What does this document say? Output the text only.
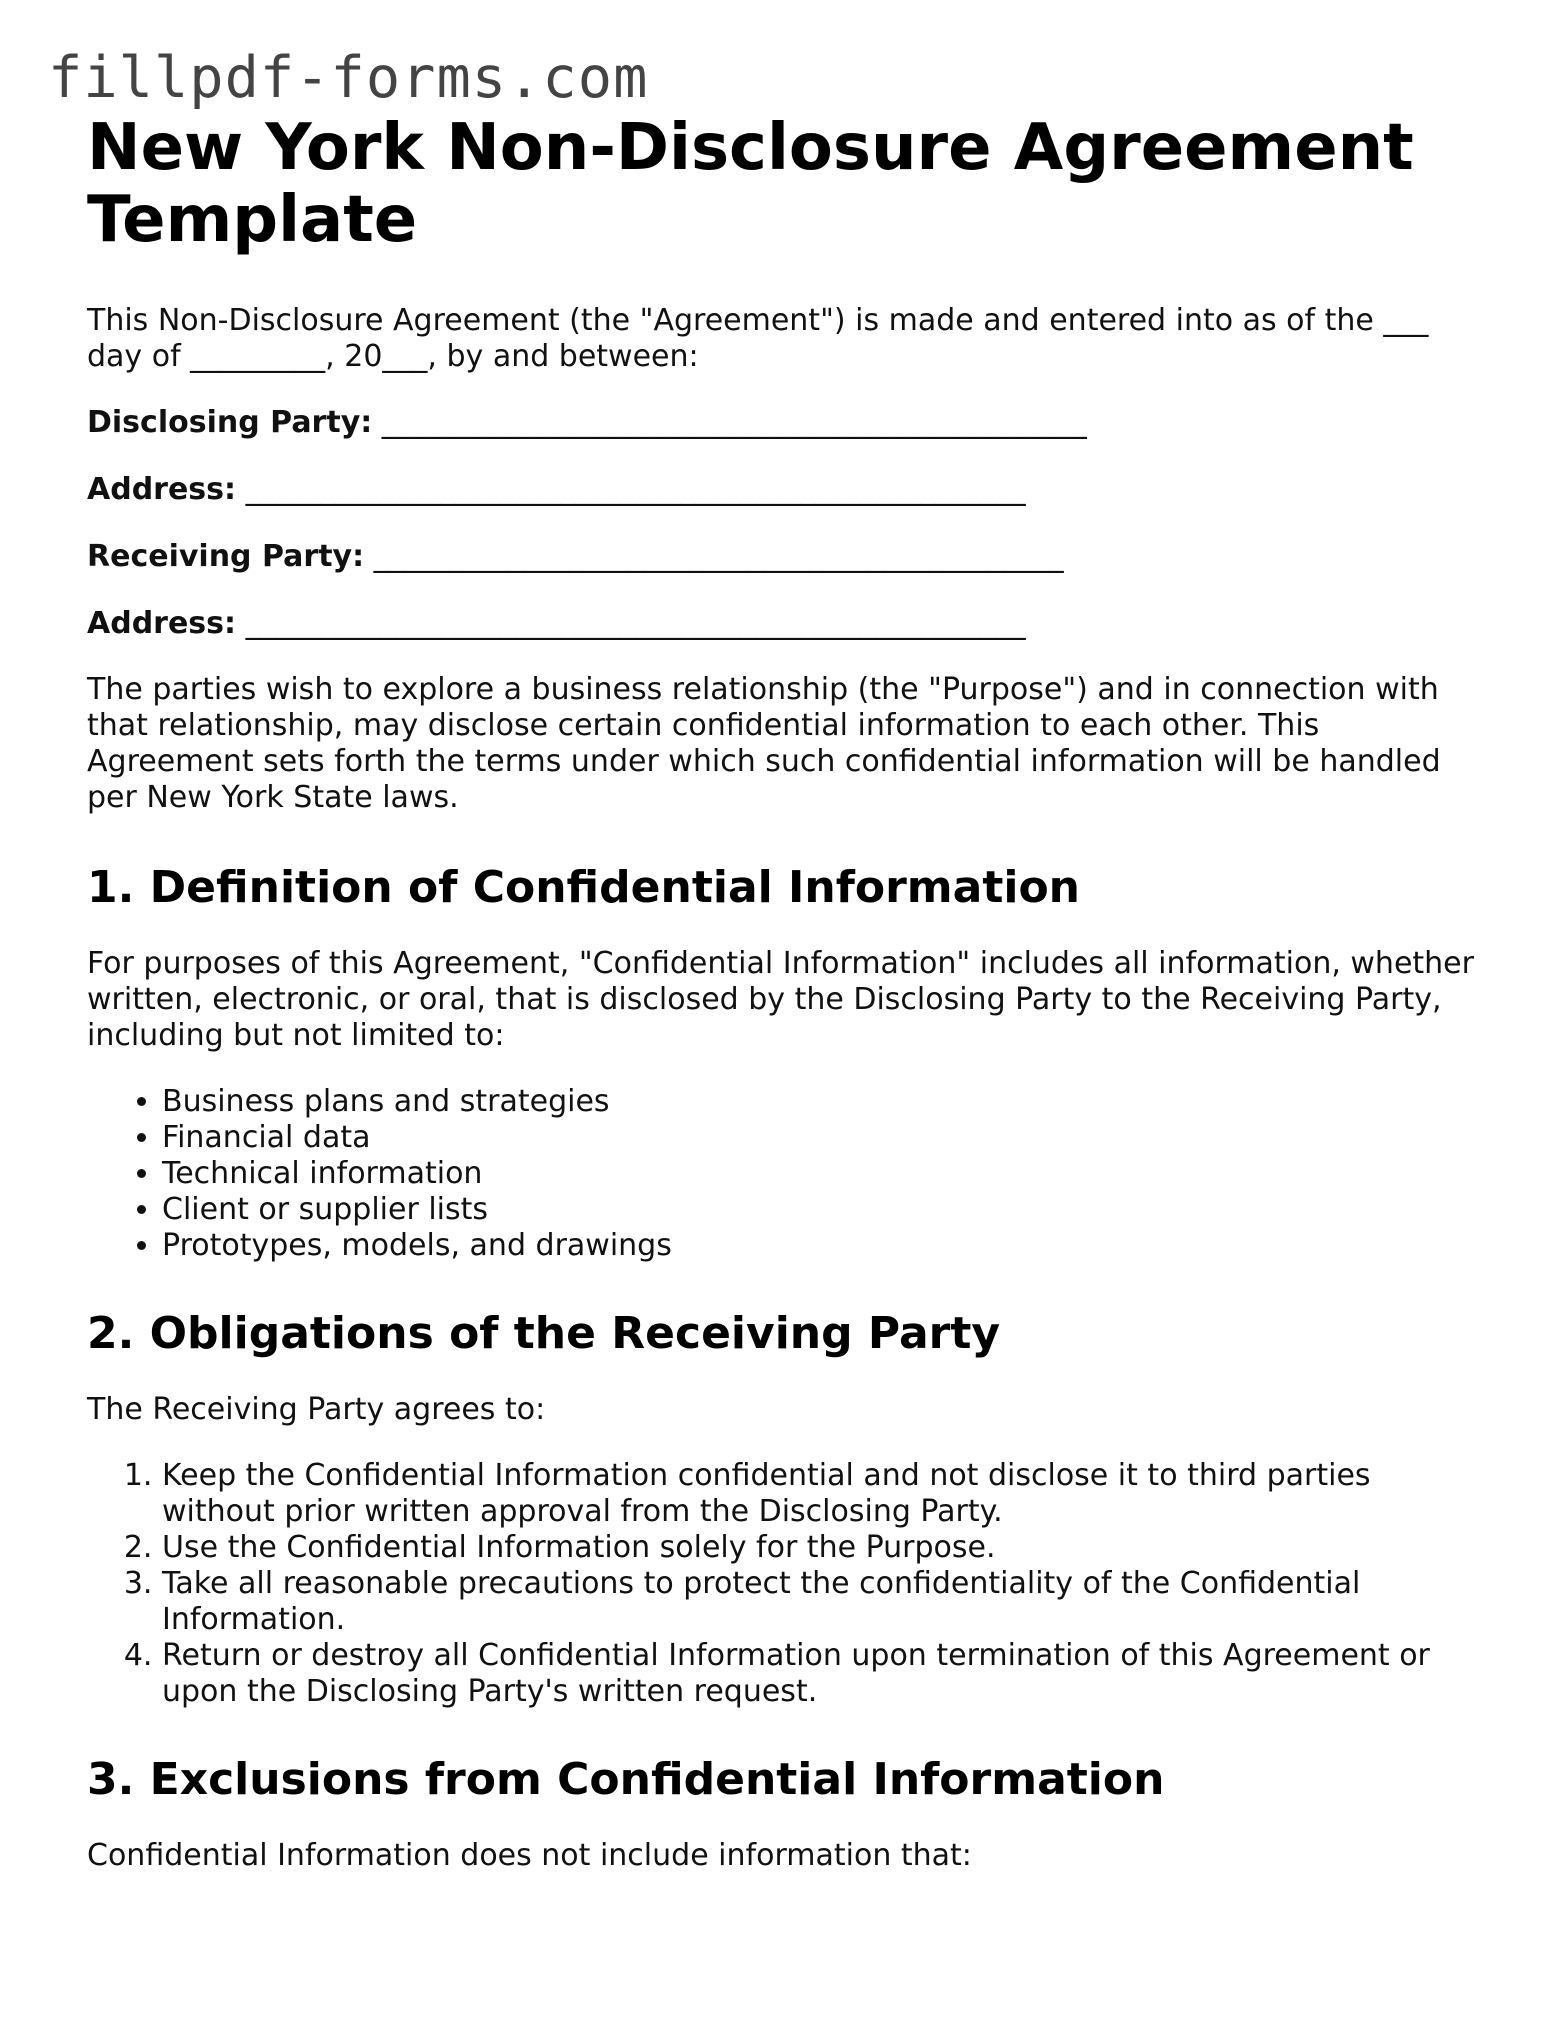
fillpdf-forms.com
New York Non-Disclosure Agreement Template

This Non-Disclosure Agreement (the "Agreement") is made and entered into as of the ___ day of _________, 20___, by and between:

Disclosing Party: _______________________________________________
Address: ____________________________________________________
Receiving Party: ______________________________________________
Address: ____________________________________________________

The parties wish to explore a business relationship (the "Purpose") and in connection with that relationship, may disclose certain confidential information to each other. This Agreement sets forth the terms under which such confidential information will be handled per New York State laws.

1. Definition of Confidential Information

For purposes of this Agreement, "Confidential Information" includes all information, whether written, electronic, or oral, that is disclosed by the Disclosing Party to the Receiving Party, including but not limited to:

• Business plans and strategies
• Financial data
• Technical information
• Client or supplier lists
• Prototypes, models, and drawings
2. Obligations of the Receiving Party

The Receiving Party agrees to:

1. Keep the Confidential Information confidential and not disclose it to third parties without prior written approval from the Disclosing Party.
2. Use the Confidential Information solely for the Purpose.
3. Take all reasonable precautions to protect the confidentiality of the Confidential Information.
4. Return or destroy all Confidential Information upon termination of this Agreement or upon the Disclosing Party's written request.
3. Exclusions from Confidential Information

Confidential Information does not include information that:
